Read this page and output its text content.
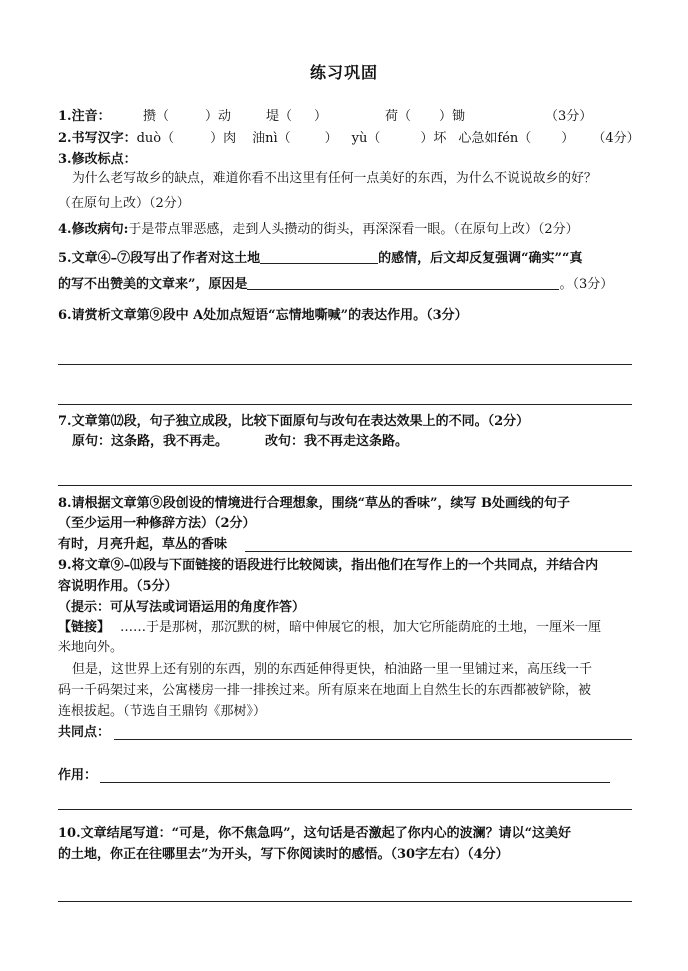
练习巩固
1.注音： 攒（	）动	堤（ ）	荷（ ）锄	（3分）
2.书写汉字：duò（	）肉 油nì（	） yù（	）坏 心急如fén（ ） （4分）
3.修改标点：
为什么老写故乡的缺点，难道你看不出这里有任何一点美好的东西，为什么不说说故乡的好？
（在原句上改）（2分）
4.修改病句:于是带点罪恶感，走到人头攒动的街头，再深深看一眼。（在原句上改）（2分）
5.文章④–⑦段写出了作者对这土地	的感情，后文却反复强调“确实”“真
的写不出赞美的文章来”，原因是	。（3分）
6.请赏析文章第⑨段中 A处加点短语“忘情地嘶喊”的表达作用。（3分）
7.文章第⑿段，句子独立成段，比较下面原句与改句在表达效果上的不同。（2分）
原句：这条路，我不再走。	改句：我不再走这条路。
8.请根据文章第⑨段创设的情境进行合理想象，围绕“草丛的香味”，续写 B处画线的句子
（至少运用一种修辞方法）（2分）
有时，月亮升起，草丛的香味
9.将文章⑨–⑾段与下面链接的语段进行比较阅读，指出他们在写作上的一个共同点，并结合内
容说明作用。（5分）
（提示：可从写法或词语运用的角度作答）
【链接】 ……于是那树，那沉默的树，暗中伸展它的根，加大它所能荫庇的土地，一厘米一厘
米地向外。
但是，这世界上还有别的东西，别的东西延伸得更快，柏油路一里一里铺过来，高压线一千
码一千码架过来，公寓楼房一排一排挨过来。所有原来在地面上自然生长的东西都被铲除，被
连根拔起。（节选自王鼎钧《那树》）
共同点：
作用：
10.文章结尾写道：“可是，你不焦急吗”，这句话是否激起了你内心的波澜？请以“这美好
的土地，你正在往哪里去”为开头，写下你阅读时的感悟。（30字左右）（4分）
